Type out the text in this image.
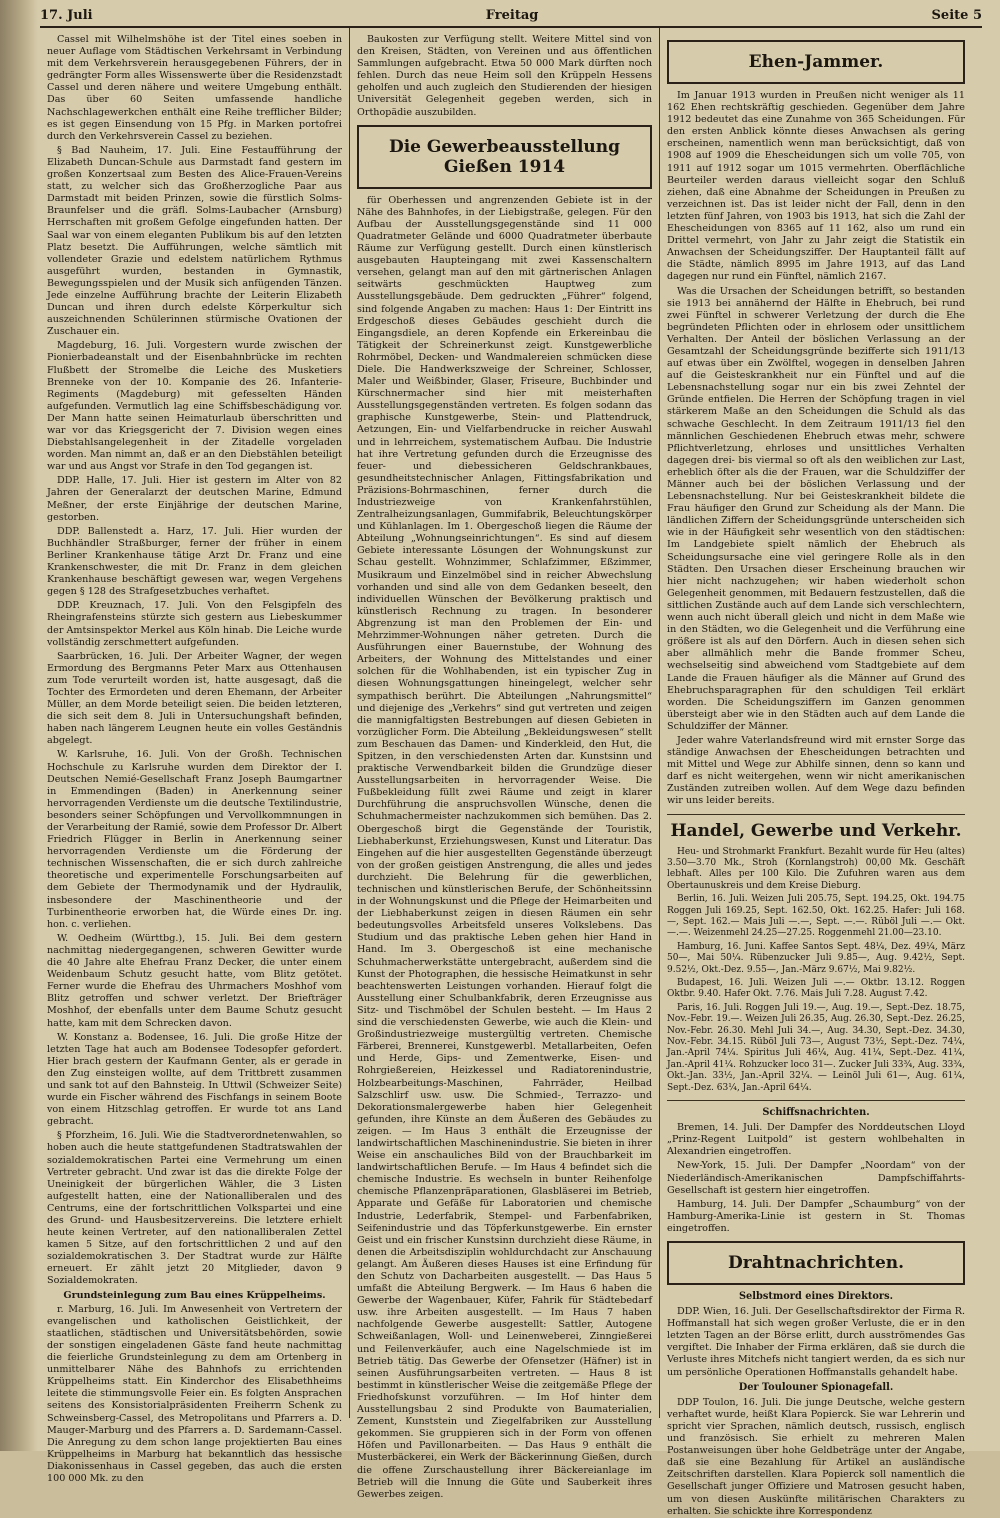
17. Juli	Freitag	Seite 5

Cassel mit Wilhelmshöhe ist der Titel eines soeben in neuer Auflage vom Städtischen Verkehrsamt in Verbindung mit dem Verkehrsverein herausgegebenen Führers, der in gedrängter Form alles Wissenswerte über die Residenzstadt Cassel und deren nähere und weitere Umgebung enthält. Das über 60 Seiten umfassende handliche Nachschlagewerkchen enthält eine Reihe trefflicher Bilder; es ist gegen Einsendung von 15 Pfg. in Marken portofrei durch den Verkehrsverein Cassel zu beziehen.

§ Bad Nauheim, 17. Juli. Eine Festaufführung der Elizabeth Duncan-Schule aus Darmstadt fand gestern im großen Konzertsaal zum Besten des Alice-Frauen-Vereins statt, zu welcher sich das Großherzogliche Paar aus Darmstadt mit beiden Prinzen, sowie die fürstlich Solms-Braunfelser und die gräfl. Solms-Laubacher (Arnsburg) Herrschaften mit großem Gefolge eingefunden hatten. Der Saal war von einem eleganten Publikum bis auf den letzten Platz besetzt. Die Aufführungen, welche sämtlich mit vollendeter Grazie und edelstem natürlichem Rythmus ausgeführt wurden, bestanden in Gymnastik, Bewegungsspielen und der Musik sich anfügenden Tänzen. Jede einzelne Aufführung brachte der Leiterin Elizabeth Duncan und ihren durch edelste Körperkultur sich auszeichnenden Schülerinnen stürmische Ovationen der Zuschauer ein.

Magdeburg, 16. Juli. Vorgestern wurde zwischen der Pionierbadeanstalt und der Eisenbahnbrücke im rechten Flußbett der Stromelbe die Leiche des Musketiers Brenneke von der 10. Kompanie des 26. Infanterie-Regiments (Magdeburg) mit gefesselten Händen aufgefunden. Vermutlich lag eine Schiffsbeschädigung vor. Der Mann hatte seinen Heimaturlaub überschritten und war vor das Kriegsgericht der 7. Division wegen eines Diebstahlsangelegenheit in der Zitadelle vorgeladen worden. Man nimmt an, daß er an den Diebstählen beteiligt war und aus Angst vor Strafe in den Tod gegangen ist.

DDP. Halle, 17. Juli. Hier ist gestern im Alter von 82 Jahren der Generalarzt der deutschen Marine, Edmund Meßner, der erste Einjährige der deutschen Marine, gestorben.

DDP. Ballenstedt a. Harz, 17. Juli. Hier wurden der Buchhändler Straßburger, ferner der früher in einem Berliner Krankenhause tätige Arzt Dr. Franz und eine Krankenschwester, die mit Dr. Franz in dem gleichen Krankenhause beschäftigt gewesen war, wegen Vergehens gegen § 128 des Strafgesetzbuches verhaftet.

DDP. Kreuznach, 17. Juli. Von den Felsgipfeln des Rheingrafensteins stürzte sich gestern aus Liebeskummer der Amtsinspektor Merkel aus Köln hinab. Die Leiche wurde vollständig zerschmettert aufgefunden.

Saarbrücken, 16. Juli. Der Arbeiter Wagner, der wegen Ermordung des Bergmanns Peter Marx aus Ottenhausen zum Tode verurteilt worden ist, hatte ausgesagt, daß die Tochter des Ermordeten und deren Ehemann, der Arbeiter Müller, an dem Morde beteiligt seien. Die beiden letzteren, die sich seit dem 8. Juli in Untersuchungshaft befinden, haben nach längerem Leugnen heute ein volles Geständnis abgelegt.

W. Karlsruhe, 16. Juli. Von der Großh. Technischen Hochschule zu Karlsruhe wurden dem Direktor der I. Deutschen Nemié-Gesellschaft Franz Joseph Baumgartner in Emmendingen (Baden) in Anerkennung seiner hervorragenden Verdienste um die deutsche Textilindustrie, besonders seiner Schöpfungen und Vervollkommnungen in der Verarbeitung der Ramié, sowie dem Professor Dr. Albert Friedrich Flügger in Berlin in Anerkennung seiner hervorragenden Verdienste um die Förderung der technischen Wissenschaften, die er sich durch zahlreiche theoretische und experimentelle Forschungsarbeiten auf dem Gebiete der Thermodynamik und der Hydraulik, insbesondere der Maschinentheorie und der Turbinentheorie erworben hat, die Würde eines Dr. ing. hon. c. verliehen.

W. Oedheim (Württbg.), 15. Juli. Bei dem gestern nachmittag niedergegangenen, schweren Gewitter wurde die 40 Jahre alte Ehefrau Franz Decker, die unter einem Weidenbaum Schutz gesucht hatte, vom Blitz getötet. Ferner wurde die Ehefrau des Uhrmachers Moshhof vom Blitz getroffen und schwer verletzt. Der Briefträger Moshhof, der ebenfalls unter dem Baume Schutz gesucht hatte, kam mit dem Schrecken davon.

W. Konstanz a. Bodensee, 16. Juli. Die große Hitze der letzten Tage hat auch am Bodensee Todesopfer gefordert. Hier brach gestern der Kaufmann Genter, als er gerade in den Zug einsteigen wollte, auf dem Trittbrett zusammen und sank tot auf den Bahnsteig. In Uttwil (Schweizer Seite) wurde ein Fischer während des Fischfangs in seinem Boote von einem Hitzschlag getroffen. Er wurde tot ans Land gebracht.

§ Pforzheim, 16. Juli. Wie die Stadtverordnetenwahlen, so hoben auch die heute stattgefundenen Stadtratswahlen der sozialdemokratischen Partei eine Vermehrung um einen Vertreter gebracht. Und zwar ist das die direkte Folge der Uneinigkeit der bürgerlichen Wähler, die 3 Listen aufgestellt hatten, eine der Nationalliberalen und des Centrums, eine der fortschrittlichen Volkspartei und eine des Grund- und Hausbesitzervereins. Die letztere erhielt heute keinen Vertreter, auf den nationalliberalen Zettel kamen 5 Sitze, auf den fortschrittlichen 2 und auf den sozialdemokratischen 3. Der Stadtrat wurde zur Hälfte erneuert. Er zählt jetzt 20 Mitglieder, davon 9 Sozialdemokraten.

Grundsteinlegung zum Bau eines Krüppelheims.

r. Marburg, 16. Juli. Im Anwesenheit von Vertretern der evangelischen und katholischen Geistlichkeit, der staatlichen, städtischen und Universitätsbehörden, sowie der sonstigen eingeladenen Gäste fand heute nachmittag die feierliche Grundsteinlegung zu dem am Ortenberg in unmittelbarer Nähe des Bahnhofs zu errichtenden Krüppelheims statt. Ein Kinderchor des Elisabethheims leitete die stimmungsvolle Feier ein. Es folgten Ansprachen seitens des Konsistorialpräsidenten Freiherrn Schenk zu Schweinsberg-Cassel, des Metropolitans und Pfarrers a. D. Mauger-Marburg und des Pfarrers a. D. Sardemann-Cassel. Die Anregung zu dem schon lange projektierten Bau eines Krüppelheims in Marburg hat bekanntlich das hessische Diakonissenhaus in Cassel gegeben, das auch die ersten 100 000 Mk. zu den

Baukosten zur Verfügung stellt. Weitere Mittel sind von den Kreisen, Städten, von Vereinen und aus öffentlichen Sammlungen aufgebracht. Etwa 50 000 Mark dürften noch fehlen. Durch das neue Heim soll den Krüppeln Hessens geholfen und auch zugleich den Studierenden der hiesigen Universität Gelegenheit gegeben werden, sich in Orthopädie auszubilden.

Die Gewerbeausstellung Gießen 1914

für Oberhessen und angrenzenden Gebiete ist in der Nähe des Bahnhofes, in der Liebigstraße, gelegen. Für den Aufbau der Ausstellungsgegenstände sind 11 000 Quadratmeter Gelände und 6000 Quadratmeter überbaute Räume zur Verfügung gestellt. Durch einen künstlerisch ausgebauten Haupteingang mit zwei Kassenschaltern versehen, gelangt man auf den mit gärtnerischen Anlagen seitwärts geschmückten Hauptweg zum Ausstellungsgebäude. Dem gedruckten „Führer“ folgend, sind folgende Angaben zu machen: Haus 1: Der Eintritt ins Erdgeschoß dieses Gebäudes geschieht durch die Eingangsdiele, an deren Kopfende ein Erkereinbau die Tätigkeit der Schreinerkunst zeigt. Kunstgewerbliche Rohrmöbel, Decken- und Wandmalereien schmücken diese Diele. Die Handwerkszweige der Schreiner, Schlosser, Maler und Weißbinder, Glaser, Friseure, Buchbinder und Kürschnermacher sind hier mit meisterhaften Ausstellungsgegenständen vertreten. Es folgen sodann das graphische Kunstgewerbe, Stein- und Plattendruck, Aetzungen, Ein- und Vielfarbendrucke in reicher Auswahl und in lehrreichem, systematischem Aufbau. Die Industrie hat ihre Vertretung gefunden durch die Erzeugnisse des feuer- und diebessicheren Geldschrankbaues, gesundheitstechnischer Anlagen, Fittingsfabrikation und Präzisions-Bohrmaschinen, ferner durch die Industriezweige von Krankenfahrstühlen, Zentralheizungsanlagen, Gummifabrik, Beleuchtungskörper und Kühlanlagen. Im 1. Obergeschoß liegen die Räume der Abteilung „Wohnungseinrichtungen“. Es sind auf diesem Gebiete interessante Lösungen der Wohnungskunst zur Schau gestellt. Wohnzimmer, Schlafzimmer, Eßzimmer, Musikraum und Einzelmöbel sind in reicher Abwechslung vorhanden und sind alle von dem Gedanken beseelt, den individuellen Wünschen der Bevölkerung praktisch und künstlerisch Rechnung zu tragen. In besonderer Abgrenzung ist man den Problemen der Ein- und Mehrzimmer-Wohnungen näher getreten. Durch die Ausführungen einer Bauernstube, der Wohnung des Arbeiters, der Wohnung des Mittelstandes und einer solchen für die Wohlhabenden, ist ein typischer Zug in diesen Wohnungsgattungen hineingelegt, welcher sehr sympathisch berührt. Die Abteilungen „Nahrungsmittel“ und diejenige des „Verkehrs“ sind gut vertreten und zeigen die mannigfaltigsten Bestrebungen auf diesen Gebieten in vorzüglicher Form. Die Abteilung „Bekleidungswesen“ stellt zum Beschauen das Damen- und Kinderkleid, den Hut, die Spitzen, in den verschiedensten Arten dar. Kunstsinn und praktische Verwendbarkeit bilden die Grundzüge dieser Ausstellungsarbeiten in hervorragender Weise. Die Fußbekleidung füllt zwei Räume und zeigt in klarer Durchführung die anspruchsvollen Wünsche, denen die Schuhmachermeister nachzukommen sich bemühen. Das 2. Obergeschoß birgt die Gegenstände der Touristik, Liebhaberkunst, Erziehungswesen, Kunst und Literatur. Das Eingehen auf die hier ausgestellten Gegenstände überzeugt von der großen geistigen Anstrengung, die alles und jedes durchzieht. Die Belehrung für die gewerblichen, technischen und künstlerischen Berufe, der Schönheitssinn in der Wohnungskunst und die Pflege der Heimarbeiten und der Liebhaberkunst zeigen in diesen Räumen ein sehr bedeutungsvolles Arbeitsfeld unseres Volkslebens. Das Studium und das praktische Leben gehen hier Hand in Hand. Im 3. Obergeschoß ist eine mechanische Schuhmacherwerkstätte untergebracht, außerdem sind die Kunst der Photographen, die hessische Heimatkunst in sehr beachtenswerten Leistungen vorhanden. Hierauf folgt die Ausstellung einer Schulbankfabrik, deren Erzeugnisse aus Sitz- und Tischmöbel der Schulen besteht. — Im Haus 2 sind die verschiedensten Gewerbe, wie auch die Klein- und Großindustriezweige mustergültig vertreten. Chemische Färberei, Brennerei, Kunstgewerbl. Metallarbeiten, Oefen und Herde, Gips- und Zementwerke, Eisen- und Rohrgießereien, Heizkessel und Radiatorenindustrie, Holzbearbeitungs-Maschinen, Fahrräder, Heilbad Salzschlirf usw. usw. Die Schmied-, Terrazzo- und Dekorationsmalergewerbe haben hier Gelegenheit gefunden, ihre Künste an dem Äußeren des Gebäudes zu zeigen. — Im Haus 3 enthält die Erzeugnisse der landwirtschaftlichen Maschinenindustrie. Sie bieten in ihrer Weise ein anschauliches Bild von der Brauchbarkeit im landwirtschaftlichen Berufe. — Im Haus 4 befindet sich die chemische Industrie. Es wechseln in bunter Reihenfolge chemische Pflanzenpräparationen, Glasbläserei im Betrieb, Apparate und Gefäße für Laboratorien und chemische Industrie, Lederfabrik, Stempel- und Farbenfabriken, Seifenindustrie und das Töpferkunstgewerbe. Ein ernster Geist und ein frischer Kunstsinn durchzieht diese Räume, in denen die Arbeitsdisziplin wohldurchdacht zur Anschauung gelangt. Am Äußeren dieses Hauses ist eine Erfindung für den Schutz von Dacharbeiten ausgestellt. — Das Haus 5 umfaßt die Abteilung Bergwerk. — Im Haus 6 haben die Gewerbe der Wagenbauer, Küfer, Fahrik für Städtebedarf usw. ihre Arbeiten ausgestellt. — Im Haus 7 haben nachfolgende Gewerbe ausgestellt: Sattler, Autogene Schweißanlagen, Woll- und Leinenweberei, Zinngießerei und Feilenverkäufer, auch eine Nagelschmiede ist im Betrieb tätig. Das Gewerbe der Ofensetzer (Häfner) ist in seinen Ausführungsarbeiten vertreten. — Haus 8 ist bestimmt in künstlerischer Weise die zeitgemäße Pflege der Friedhofskunst vorzuführen. — Im Hof hinter dem Ausstellungsbau 2 sind Produkte von Baumaterialien, Zement, Kunststein und Ziegelfabriken zur Ausstellung gekommen. Sie gruppieren sich in der Form von offenen Höfen und Pavillonarbeiten. — Das Haus 9 enthält die Musterbäckerei, ein Werk der Bäckerinnung Gießen, durch die offene Zurschaustellung ihrer Bäckereianlage im Betrieb will die Innung die Güte und Sauberkeit ihres Gewerbes zeigen.

Ehen-Jammer.

Im Januar 1913 wurden in Preußen nicht weniger als 11 162 Ehen rechtskräftig geschieden. Gegenüber dem Jahre 1912 bedeutet das eine Zunahme von 365 Scheidungen. Für den ersten Anblick könnte dieses Anwachsen als gering erscheinen, namentlich wenn man berücksichtigt, daß von 1908 auf 1909 die Ehescheidungen sich um volle 705, von 1911 auf 1912 sogar um 1015 vermehrten. Oberflächliche Beurteiler werden daraus vielleicht sogar den Schluß ziehen, daß eine Abnahme der Scheidungen in Preußen zu verzeichnen ist. Das ist leider nicht der Fall, denn in den letzten fünf Jahren, von 1903 bis 1913, hat sich die Zahl der Ehescheidungen von 8365 auf 11 162, also um rund ein Drittel vermehrt, von Jahr zu Jahr zeigt die Statistik ein Anwachsen der Scheidungsziffer. Der Hauptanteil fällt auf die Städte, nämlich 8995 im Jahre 1913, auf das Land dagegen nur rund ein Fünftel, nämlich 2167.

Was die Ursachen der Scheidungen betrifft, so bestanden sie 1913 bei annähernd der Hälfte in Ehebruch, bei rund zwei Fünftel in schwerer Verletzung der durch die Ehe begründeten Pflichten oder in ehrlosem oder unsittlichem Verhalten. Der Anteil der böslichen Verlassung an der Gesamtzahl der Scheidungsgründe bezifferte sich 1911/13 auf etwas über ein Zwölftel, wogegen in denselben Jahren auf die Geisteskrankheit nur ein Fünftel und auf die Lebensnachstellung sogar nur ein bis zwei Zehntel der Gründe entfielen. Die Herren der Schöpfung tragen in viel stärkerem Maße an den Scheidungen die Schuld als das schwache Geschlecht. In dem Zeitraum 1911/13 fiel den männlichen Geschiedenen Ehebruch etwas mehr, schwere Pflichtverletzung, ehrloses und unsittliches Verhalten dagegen drei- bis viermal so oft als den weiblichen zur Last, erheblich öfter als die der Frauen, war die Schuldziffer der Männer auch bei der böslichen Verlassung und der Lebensnachstellung. Nur bei Geisteskrankheit bildete die Frau häufiger den Grund zur Scheidung als der Mann. Die ländlichen Ziffern der Scheidungsgründe unterscheiden sich wie in der Häufigkeit sehr wesentlich von den städtischen: Im Landgebiete spielt nämlich der Ehebruch als Scheidungsursache eine viel geringere Rolle als in den Städten. Den Ursachen dieser Erscheinung brauchen wir hier nicht nachzugehen; wir haben wiederholt schon Gelegenheit genommen, mit Bedauern festzustellen, daß die sittlichen Zustände auch auf dem Lande sich verschlechtern, wenn auch nicht überall gleich und nicht in dem Maße wie in den Städten, wo die Gelegenheit und die Verführung eine größere ist als auf den Dörfern. Auch in diesen sehen sich aber allmählich mehr die Bande frommer Scheu, wechselseitig sind abweichend vom Stadtgebiete auf dem Lande die Frauen häufiger als die Männer auf Grund des Ehebruchsparagraphen für den schuldigen Teil erklärt worden. Die Scheidungsziffern im Ganzen genommen übersteigt aber wie in den Städten auch auf dem Lande die Schuldziffer der Männer.

Jeder wahre Vaterlandsfreund wird mit ernster Sorge das ständige Anwachsen der Ehescheidungen betrachten und mit Mittel und Wege zur Abhilfe sinnen, denn so kann und darf es nicht weitergehen, wenn wir nicht amerikanischen Zuständen zutreiben wollen. Auf dem Wege dazu befinden wir uns leider bereits.

Handel, Gewerbe und Verkehr.

Heu- und Strohmarkt Frankfurt. Bezahlt wurde für Heu (altes) 3.50—3.70 Mk., Stroh (Kornlangstroh) 00,00 Mk. Geschäft lebhaft. Alles per 100 Kilo. Die Zufuhren waren aus dem Obertaunuskreis und dem Kreise Dieburg.

Berlin, 16. Juli. Weizen Juli 205.75, Sept. 194.25, Okt. 194.75 Roggen Juli 169.25, Sept. 162.50, Okt. 162.25. Hafer: Juli 168.—, Sept. 162.— Mais Juli —.—, Sept. —.—. Rüböl Juli —.— Okt. —.—. Weizenmehl 24.25—27.25. Roggenmehl 21.00—23.10.

Hamburg, 16. Juni. Kaffee Santos Sept. 48¼, Dez. 49¼, März 50—, Mai 50¼. Rübenzucker Juli 9.85—, Aug. 9.42½, Sept. 9.52½, Okt.-Dez. 9.55—, Jan.-März 9.67½, Mai 9.82½.

Budapest, 16. Juli. Weizen Juli —.— Oktbr. 13.12. Roggen Oktbr. 9.40. Hafer Okt. 7.76. Mais Juli 7.28. August 7.42.

Paris, 16. Juli. Roggen Juli 19.—, Aug. 19.—, Sept.-Dez. 18.75, Nov.-Febr. 19.—. Weizen Juli 26.35, Aug. 26.30, Sept.-Dez. 26.25, Nov.-Febr. 26.30. Mehl Juli 34.—, Aug. 34.30, Sept.-Dez. 34.30, Nov.-Febr. 34.15. Rüböl Juli 73—, August 73½, Sept.-Dez. 74¼, Jan.-April 74¼. Spiritus Juli 46¼, Aug. 41¼, Sept.-Dez. 41¼, Jan.-April 41¼. Rohzucker loco 31—. Zucker Juli 33¾, Aug. 33¾, Okt.-Jan. 33½, Jan.-April 32¼. — Leinöl Juli 61—, Aug. 61¼, Sept.-Dez. 63¼, Jan.-April 64¼.

Schiffsnachrichten.

Bremen, 14. Juli. Der Dampfer des Norddeutschen Lloyd „Prinz-Regent Luitpold“ ist gestern wohlbehalten in Alexandrien eingetroffen.

New-York, 15. Juli. Der Dampfer „Noordam“ von der Niederländisch-Amerikanischen Dampfschiffahrts-Gesellschaft ist gestern hier eingetroffen.

Hamburg, 14. Juli. Der Dampfer „Schaumburg“ von der Hamburg-Amerika-Linie ist gestern in St. Thomas eingetroffen.

Drahtnachrichten.

Selbstmord eines Direktors.

DDP. Wien, 16. Juli. Der Gesellschaftsdirektor der Firma R. Hoffmanstall hat sich wegen großer Verluste, die er in den letzten Tagen an der Börse erlitt, durch ausströmendes Gas vergiftet. Die Inhaber der Firma erklären, daß sie durch die Verluste ihres Mitchefs nicht tangiert werden, da es sich nur um persönliche Operationen Hoffmanstalls gehandelt habe.

Der Toulouner Spionagefall.

DDP Toulon, 16. Juli. Die junge Deutsche, welche gestern verhaftet wurde, heißt Klara Popierck. Sie war Lehrerin und spricht vier Sprachen, nämlich deutsch, russisch, englisch und französisch. Sie erhielt zu mehreren Malen Postanweisungen über hohe Geldbeträge unter der Angabe, daß sie eine Bezahlung für Artikel an ausländische Zeitschriften darstellen. Klara Popierck soll namentlich die Gesellschaft junger Offiziere und Matrosen gesucht haben, um von diesen Auskünfte militärischen Charakters zu erhalten. Sie schickte ihre Korrespondenz
